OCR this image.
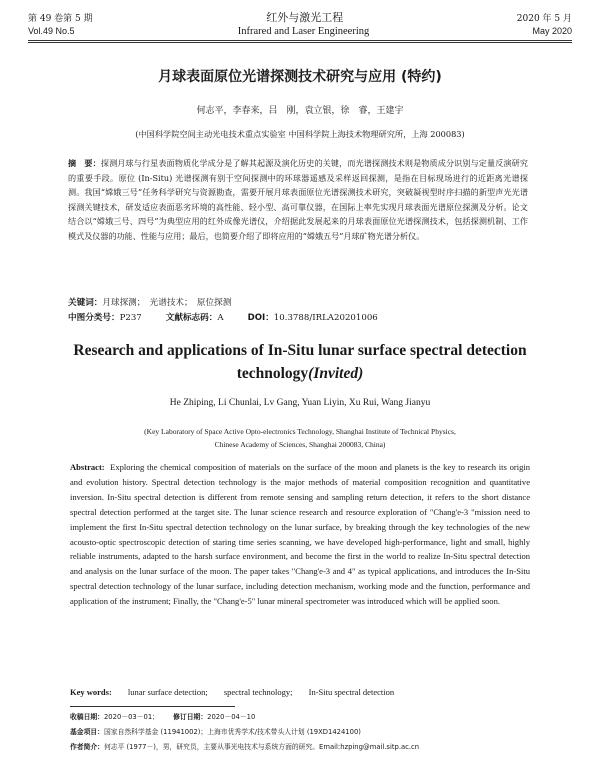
第 49 卷第 5 期	红外与激光工程	2020 年 5 月
Vol.49 No.5	Infrared and Laser Engineering	May 2020
月球表面原位光谱探测技术研究与应用 (特约)
何志平，李春来，吕　刚，袁立银，徐　睿，王建宇
(中国科学院空间主动光电技术重点实验室 中国科学院上海技术物理研究所，上海 200083)
摘　要：探测月球与行星表面物质化学成分是了解其起源及演化历史的关键，而光谱探测技术则是物质成分识别与定量反演研究的重要手段。原位 (In-Situ) 光谱探测有别于空间探测中的环球器遥感及采样返回探测，是指在目标现场进行的近距离光谱探测。我国“嫦娥三号”任务科学研究与资源勘查，需要开展月球表面原位光谱探测技术研究，突破凝视型时序扫描的新型声光光谱探测关键技术，研发适应表面恶劣环境的高性能、轻小型、高可靠仪器，在国际上率先实现月球表面光谱原位探测及分析。论文结合以“嫦娥三号、四号”为典型应用的红外成像光谱仪，介绍据此发展起来的月球表面原位光谱探测技术，包括探测机制、工作模式及仪器的功能、性能与应用；最后，也简要介绍了即将应用的“嫦娥五号”月球矿物光谱分析仪。
关键词：月球探测；　光谱技术；　原位探测
中图分类号：P237	文献标志码：A	DOI：10.3788/IRLA20201006
Research and applications of In-Situ lunar surface spectral detection technology(Invited)
He Zhiping, Li Chunlai, Lv Gang, Yuan Liyin, Xu Rui, Wang Jianyu
(Key Laboratory of Space Active Opto-electronics Technology, Shanghai Institute of Technical Physics,
Chinese Academy of Sciences, Shanghai 200083, China)
Abstract: Exploring the chemical composition of materials on the surface of the moon and planets is the key to research its origin and evolution history. Spectral detection technology is the major methods of material composition recognition and quantitative inversion. In-Situ spectral detection is different from remote sensing and sampling return detection, it refers to the short distance spectral detection performed at the target site. The lunar science research and resource exploration of "Chang'e-3 "mission need to implement the first In-Situ spectral detection technology on the lunar surface, by breaking through the key technologies of the new acousto-optic spectroscopic detection of staring time series scanning, we have developed high-performance, light and small, highly reliable instruments, adapted to the harsh surface environment, and become the first in the world to realize In-Situ spectral detection and analysis on the lunar surface of the moon. The paper takes "Chang'e-3 and 4" as typical applications, and introduces the In-Situ spectral detection technology of the lunar surface, including detection mechanism, working mode and the function, performance and application of the instrument; Finally, the "Chang'e-5" lunar mineral spectrometer was introduced which will be applied soon.
Key words: lunar surface detection; spectral technology; In-Situ spectral detection
收稿日期：2020－03－01； 修订日期：2020－04－10
基金项目：国家自然科学基金 (11941002)；上海市优秀学术/技术带头人计划 (19XD1424100)
作者简介：何志平 (1977－)，男，研究员，主要从事光电技术与系统方面的研究。Email:hzping@mail.sitp.ac.cn
